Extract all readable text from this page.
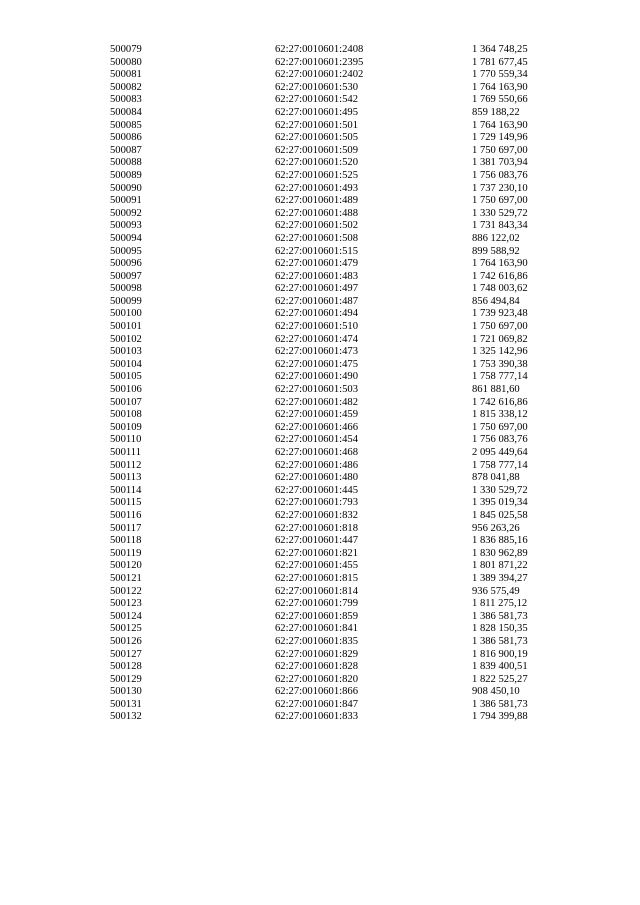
500079	62:27:0010601:2408	1 364 748,25
500080	62:27:0010601:2395	1 781 677,45
500081	62:27:0010601:2402	1 770 559,34
500082	62:27:0010601:530	1 764 163,90
500083	62:27:0010601:542	1 769 550,66
500084	62:27:0010601:495	859 188,22
500085	62:27:0010601:501	1 764 163,90
500086	62:27:0010601:505	1 729 149,96
500087	62:27:0010601:509	1 750 697,00
500088	62:27:0010601:520	1 381 703,94
500089	62:27:0010601:525	1 756 083,76
500090	62:27:0010601:493	1 737 230,10
500091	62:27:0010601:489	1 750 697,00
500092	62:27:0010601:488	1 330 529,72
500093	62:27:0010601:502	1 731 843,34
500094	62:27:0010601:508	886 122,02
500095	62:27:0010601:515	899 588,92
500096	62:27:0010601:479	1 764 163,90
500097	62:27:0010601:483	1 742 616,86
500098	62:27:0010601:497	1 748 003,62
500099	62:27:0010601:487	856 494,84
500100	62:27:0010601:494	1 739 923,48
500101	62:27:0010601:510	1 750 697,00
500102	62:27:0010601:474	1 721 069,82
500103	62:27:0010601:473	1 325 142,96
500104	62:27:0010601:475	1 753 390,38
500105	62:27:0010601:490	1 758 777,14
500106	62:27:0010601:503	861 881,60
500107	62:27:0010601:482	1 742 616,86
500108	62:27:0010601:459	1 815 338,12
500109	62:27:0010601:466	1 750 697,00
500110	62:27:0010601:454	1 756 083,76
500111	62:27:0010601:468	2 095 449,64
500112	62:27:0010601:486	1 758 777,14
500113	62:27:0010601:480	878 041,88
500114	62:27:0010601:445	1 330 529,72
500115	62:27:0010601:793	1 395 019,34
500116	62:27:0010601:832	1 845 025,58
500117	62:27:0010601:818	956 263,26
500118	62:27:0010601:447	1 836 885,16
500119	62:27:0010601:821	1 830 962,89
500120	62:27:0010601:455	1 801 871,22
500121	62:27:0010601:815	1 389 394,27
500122	62:27:0010601:814	936 575,49
500123	62:27:0010601:799	1 811 275,12
500124	62:27:0010601:859	1 386 581,73
500125	62:27:0010601:841	1 828 150,35
500126	62:27:0010601:835	1 386 581,73
500127	62:27:0010601:829	1 816 900,19
500128	62:27:0010601:828	1 839 400,51
500129	62:27:0010601:820	1 822 525,27
500130	62:27:0010601:866	908 450,10
500131	62:27:0010601:847	1 386 581,73
500132	62:27:0010601:833	1 794 399,88
